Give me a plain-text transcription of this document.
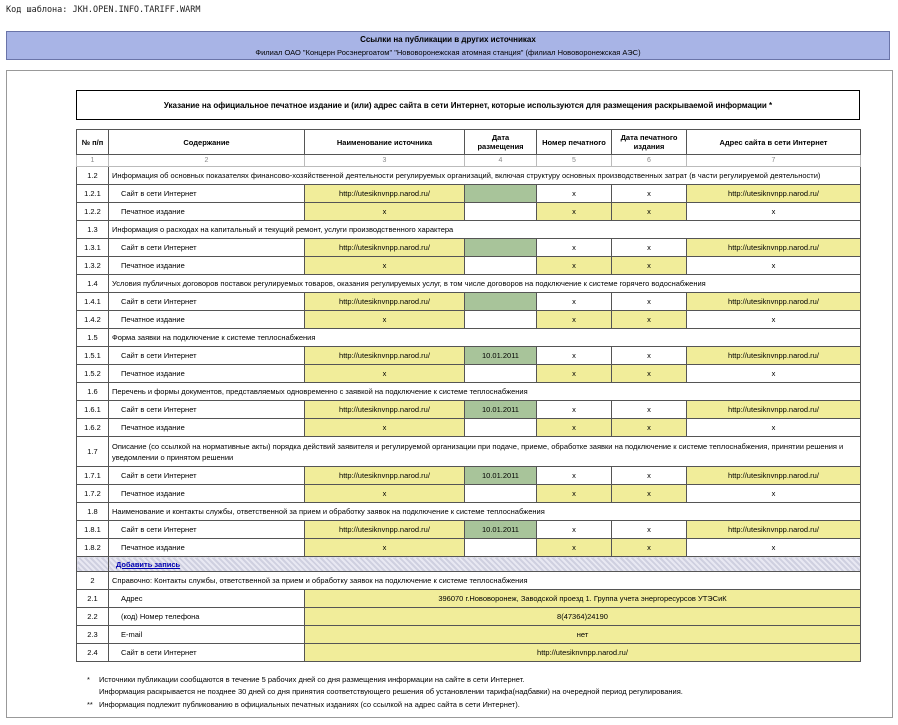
Код шаблона: JKH.OPEN.INFO.TARIFF.WARM
Ссылки на публикации в других источниках
Филиал ОАО "Концерн Росэнергоатом" "Нововоронежская атомная станция" (филиал Нововоронежская АЭС)
Указание на официальное печатное издание и (или) адрес сайта в сети Интернет, которые используются для размещения раскрываемой информации *
№ п/п	Содержание	Наименование источника	Дата размещения	Номер печатного	Дата печатного издания	Адрес сайта в сети Интернет
1	2	3	4	5	6	7
1.2	Информация об основных показателях финансово-хозяйственной деятельности регулируемых организаций, включая структуру основных производственных затрат (в части регулируемой деятельности)					
1.2.1	Сайт в сети Интернет	http://utesiknvnpp.narod.ru/		x	x	http://utesiknvnpp.narod.ru/
1.2.2	Печатное издание	x		x	x	x
1.3	Информация о расходах на капитальный и текущий ремонт, услуги производственного характера					
1.3.1	Сайт в сети Интернет	http://utesiknvnpp.narod.ru/		x	x	http://utesiknvnpp.narod.ru/
1.3.2	Печатное издание	x		x	x	x
1.4	Условия публичных договоров поставок регулируемых товаров, оказания регулируемых услуг, в том числе договоров на подключение к системе горячего водоснабжения					
1.4.1	Сайт в сети Интернет	http://utesiknvnpp.narod.ru/		x	x	http://utesiknvnpp.narod.ru/
1.4.2	Печатное издание	x		x	x	x
1.5	Форма заявки на подключение к системе теплоснабжения					
1.5.1	Сайт в сети Интернет	http://utesiknvnpp.narod.ru/	10.01.2011	x	x	http://utesiknvnpp.narod.ru/
1.5.2	Печатное издание	x		x	x	x
1.6	Перечень и формы документов, представляемых одновременно с заявкой на подключение к системе теплоснабжения					
1.6.1	Сайт в сети Интернет	http://utesiknvnpp.narod.ru/	10.01.2011	x	x	http://utesiknvnpp.narod.ru/
1.6.2	Печатное издание	x		x	x	x
1.7	Описание (со ссылкой на нормативные акты) порядка действий заявителя и регулируемой организации при подаче, приеме, обработке заявки на подключение к системе теплоснабжения, принятии решения и уведомлении о принятом решении					
1.7.1	Сайт в сети Интернет	http://utesiknvnpp.narod.ru/	10.01.2011	x	x	http://utesiknvnpp.narod.ru/
1.7.2	Печатное издание	x		x	x	x
1.8	Наименование и контакты службы, ответственной за прием и обработку заявок на подключение к системе теплоснабжения					
1.8.1	Сайт в сети Интернет	http://utesiknvnpp.narod.ru/	10.01.2011	x	x	http://utesiknvnpp.narod.ru/
1.8.2	Печатное издание	x		x	x	x
	Добавить запись					
2	Справочно: Контакты службы, ответственной за прием и обработку заявок на подключение к системе теплоснабжения					
2.1	Адрес	396070 г.Нововоронеж, Заводской проезд 1. Группа учета энергоресурсов УТЭСиК				
2.2	(код) Номер телефона	8(47364)24190				
2.3	E-mail	нет				
2.4	Сайт в сети Интернет	http://utesiknvnpp.narod.ru/				
* Источники публикации сообщаются в течение 5 рабочих дней со дня размещения информации на сайте в сети Интернет.
Информация раскрывается не позднее 30 дней со дня принятия соответствующего решения об установлении тарифа(надбавки) на очередной период регулирования.
** Информация подлежит публикованию в официальных печатных изданиях (со ссылкой на адрес сайта в сети Интернет).
